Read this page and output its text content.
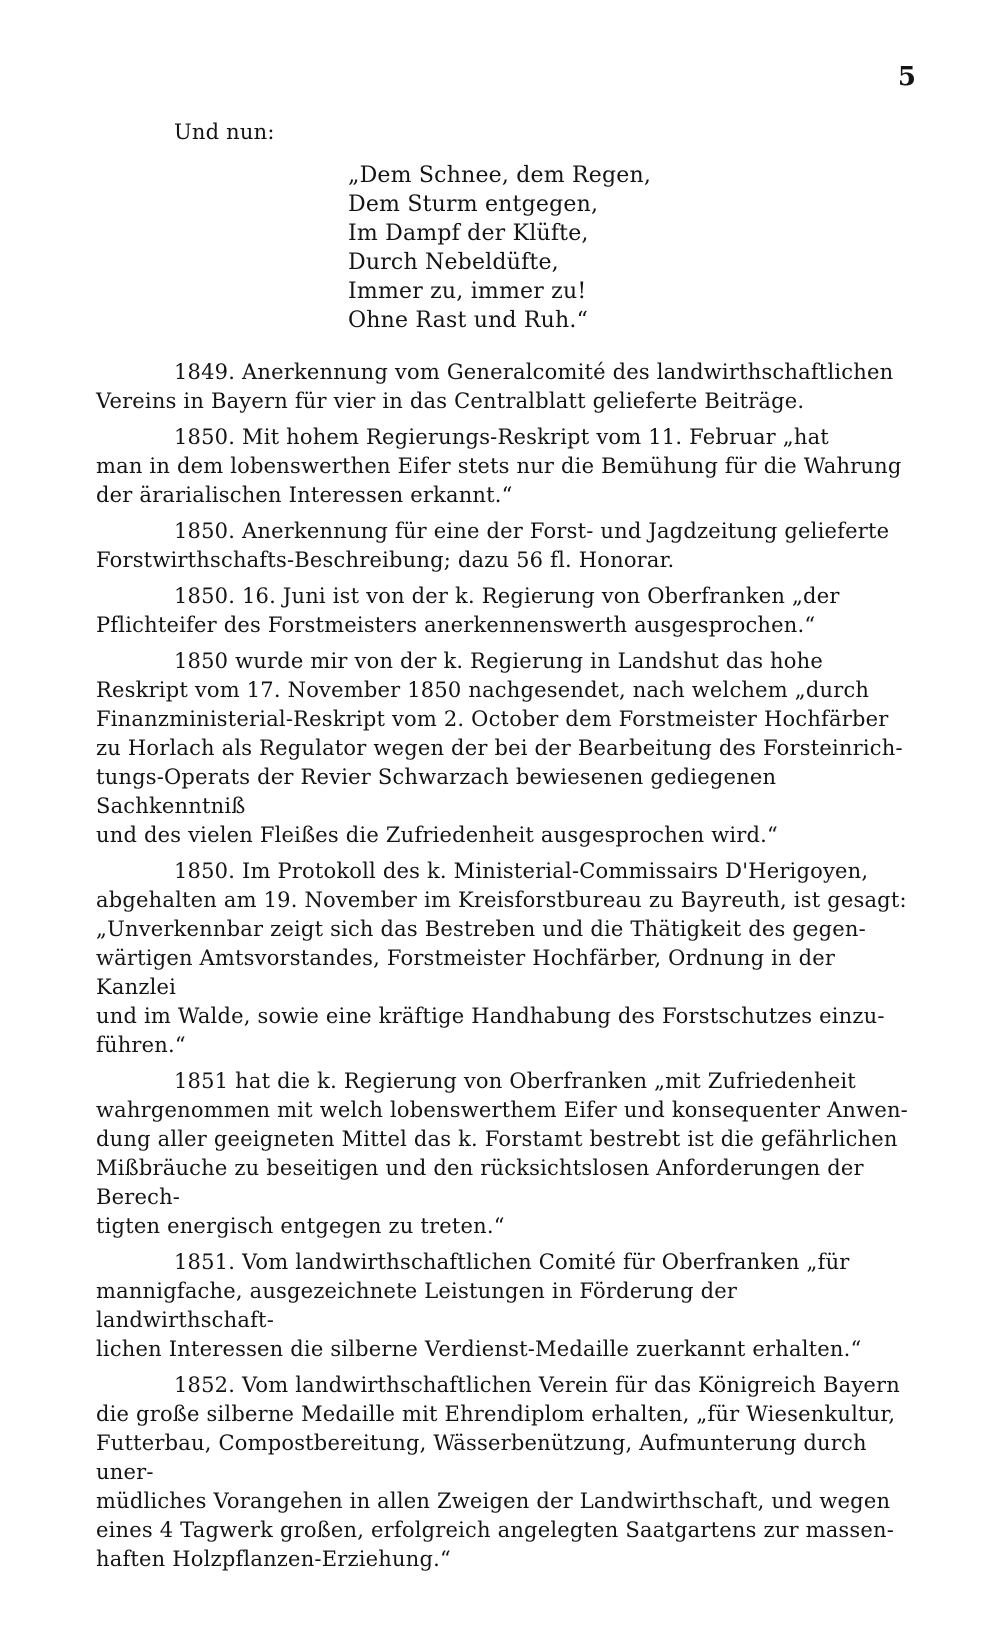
5
Und nun:
„Dem Schnee, dem Regen,
Dem Sturm entgegen,
Im Dampf der Klüfte,
Durch Nebeldüfte,
Immer zu, immer zu!
Ohne Rast und Ruh.“
1849. Anerkennung vom Generalcomité des landwirthschaftlichen
Vereins in Bayern für vier in das Centralblatt gelieferte Beiträge.
1850. Mit hohem Regierungs-Reskript vom 11. Februar „hat
man in dem lobenswerthen Eifer stets nur die Bemühung für die Wahrung
der ärarialischen Interessen erkannt.“
1850. Anerkennung für eine der Forst- und Jagdzeitung gelieferte
Forstwirthschafts-Beschreibung; dazu 56 fl. Honorar.
1850. 16. Juni ist von der k. Regierung von Oberfranken „der
Pflichteifer des Forstmeisters anerkennenswerth ausgesprochen.“
1850 wurde mir von der k. Regierung in Landshut das hohe
Reskript vom 17. November 1850 nachgesendet, nach welchem „durch
Finanzministerial-Reskript vom 2. October dem Forstmeister Hochfärber
zu Horlach als Regulator wegen der bei der Bearbeitung des Forsteinrich-
tungs-Operats der Revier Schwarzach bewiesenen gediegenen Sachkenntniß
und des vielen Fleißes die Zufriedenheit ausgesprochen wird.“
1850. Im Protokoll des k. Ministerial-Commissairs D'Herigoyen,
abgehalten am 19. November im Kreisforstbureau zu Bayreuth, ist gesagt:
„Unverkennbar zeigt sich das Bestreben und die Thätigkeit des gegen-
wärtigen Amtsvorstandes, Forstmeister Hochfärber, Ordnung in der Kanzlei
und im Walde, sowie eine kräftige Handhabung des Forstschutzes einzu-
führen.“
1851 hat die k. Regierung von Oberfranken „mit Zufriedenheit
wahrgenommen mit welch lobenswerthem Eifer und konsequenter Anwen-
dung aller geeigneten Mittel das k. Forstamt bestrebt ist die gefährlichen
Mißbräuche zu beseitigen und den rücksichtslosen Anforderungen der Berech-
tigten energisch entgegen zu treten.“
1851. Vom landwirthschaftlichen Comité für Oberfranken „für
mannigfache, ausgezeichnete Leistungen in Förderung der landwirthschaft-
lichen Interessen die silberne Verdienst-Medaille zuerkannt erhalten.“
1852. Vom landwirthschaftlichen Verein für das Königreich Bayern
die große silberne Medaille mit Ehrendiplom erhalten, „für Wiesenkultur,
Futterbau, Compostbereitung, Wässerbenützung, Aufmunterung durch uner-
müdliches Vorangehen in allen Zweigen der Landwirthschaft, und wegen
eines 4 Tagwerk großen, erfolgreich angelegten Saatgartens zur massen-
haften Holzpflanzen-Erziehung.“
